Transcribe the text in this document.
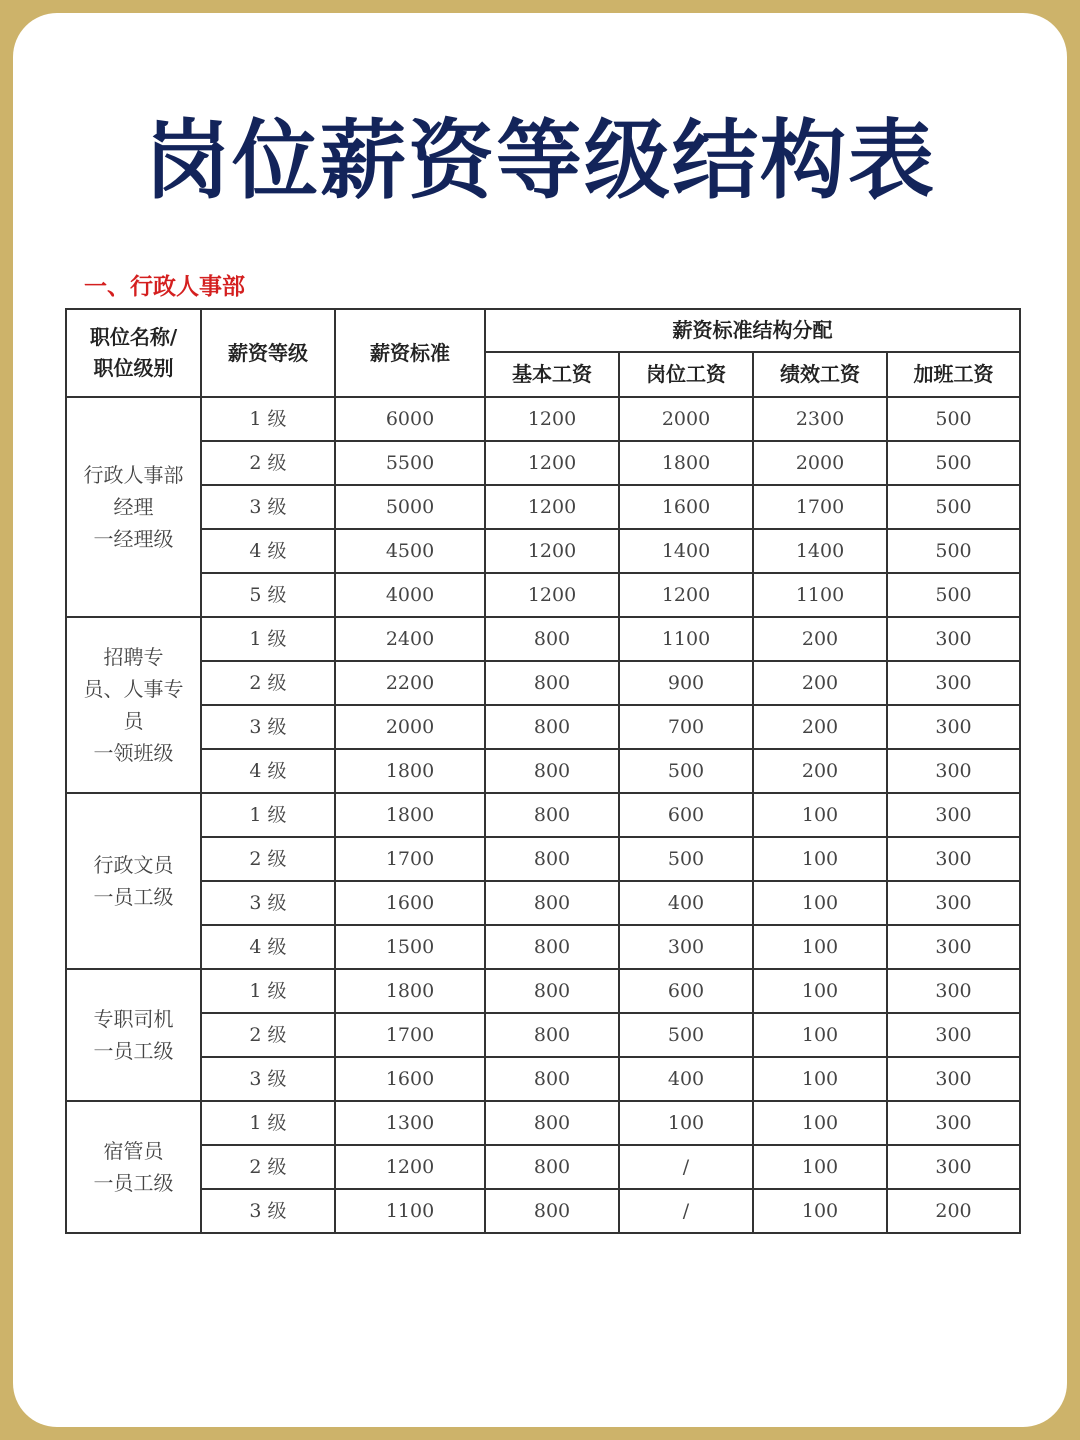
岗位薪资等级结构表
一、行政人事部
职位名称/
职位级别	薪资等级	薪资标准	薪资标准结构分配			
			基本工资	岗位工资	绩效工资	加班工资

行政人事部
经理
一经理级	1 级	6000	1200	2000	2300	500
	2 级	5500	1200	1800	2000	500
	3 级	5000	1200	1600	1700	500
	4 级	4500	1200	1400	1400	500
	5 级	4000	1200	1200	1100	500

招聘专
员、人事专
员
一领班级	1 级	2400	800	1100	200	300
	2 级	2200	800	900	200	300
	3 级	2000	800	700	200	300
	4 级	1800	800	500	200	300

行政文员
一员工级	1 级	1800	800	600	100	300
	2 级	1700	800	500	100	300
	3 级	1600	800	400	100	300
	4 级	1500	800	300	100	300

专职司机
一员工级	1 级	1800	800	600	100	300
	2 级	1700	800	500	100	300
	3 级	1600	800	400	100	300

宿管员
一员工级	1 级	1300	800	100	100	300
	2 级	1200	800	/	100	300
	3 级	1100	800	/	100	200
